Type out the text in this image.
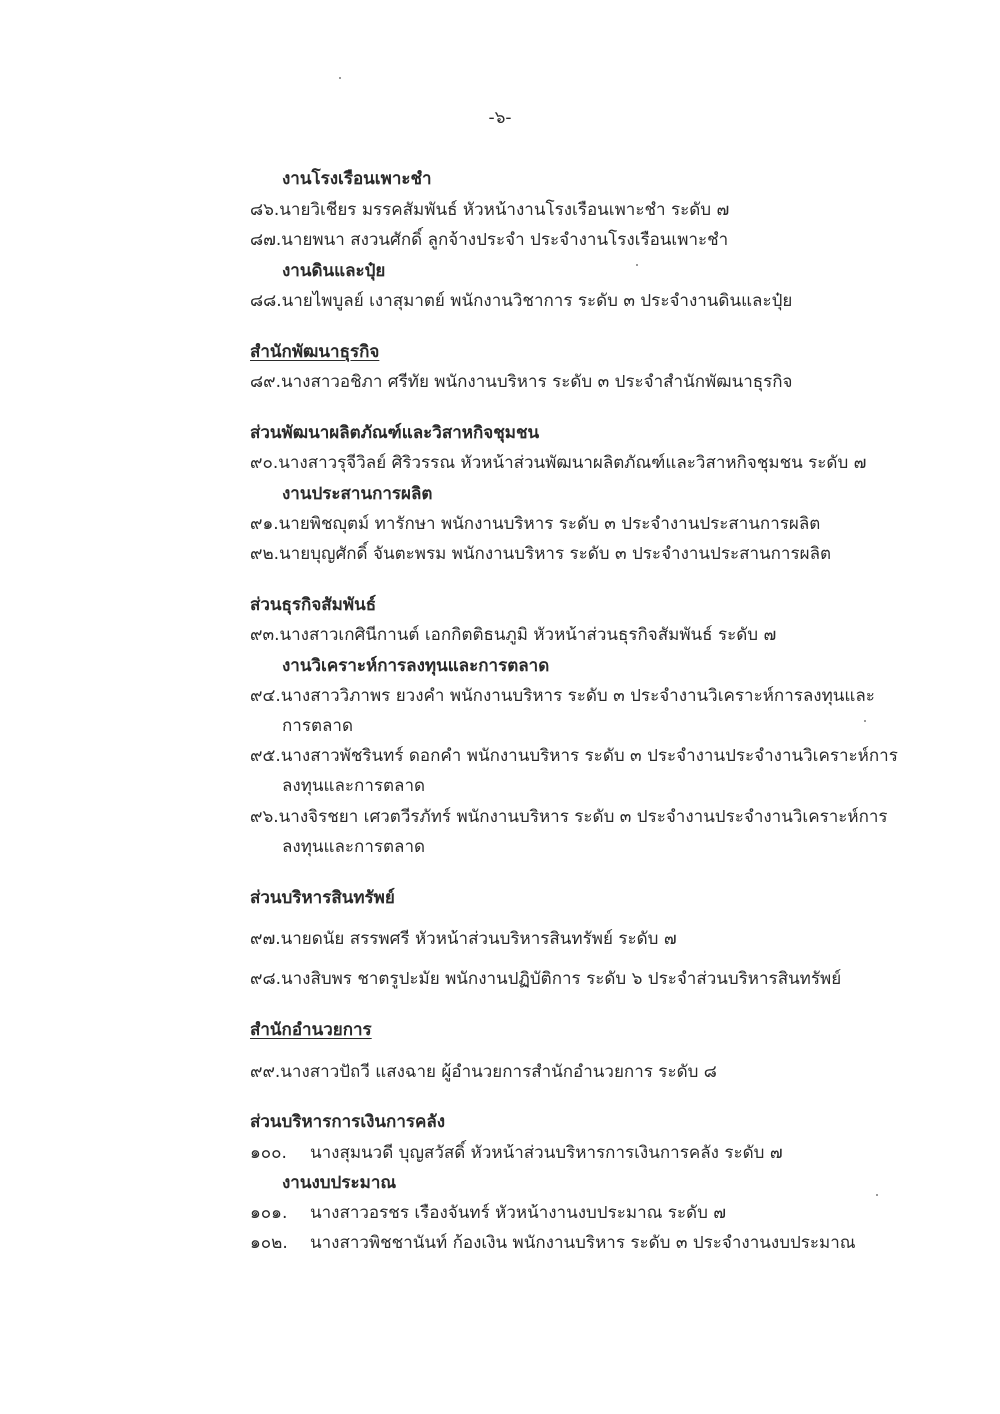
-๖-
งานโรงเรือนเพาะชำ
๘๖.นายวิเชียร มรรคสัมพันธ์ หัวหน้างานโรงเรือนเพาะชำ ระดับ ๗
๘๗.นายพนา สงวนศักดิ์ ลูกจ้างประจำ ประจำงานโรงเรือนเพาะชำ
งานดินและปุ๋ย
๘๘.นายไพบูลย์ เงาสุมาตย์ พนักงานวิชาการ ระดับ ๓ ประจำงานดินและปุ๋ย
สำนักพัฒนาธุรกิจ
๘๙.นางสาวอชิภา ศรีทัย พนักงานบริหาร ระดับ ๓ ประจำสำนักพัฒนาธุรกิจ
ส่วนพัฒนาผลิตภัณฑ์และวิสาหกิจชุมชน
๙๐.นางสาวรุจีวิลย์ ศิริวรรณ หัวหน้าส่วนพัฒนาผลิตภัณฑ์และวิสาหกิจชุมชน ระดับ ๗
งานประสานการผลิต
๙๑.นายพิชญุตม์ ทารักษา พนักงานบริหาร ระดับ ๓ ประจำงานประสานการผลิต
๙๒.นายบุญศักดิ์ จันตะพรม พนักงานบริหาร ระดับ ๓ ประจำงานประสานการผลิต
ส่วนธุรกิจสัมพันธ์
๙๓.นางสาวเกศินีกานต์ เอกกิตติธนภูมิ หัวหน้าส่วนธุรกิจสัมพันธ์ ระดับ ๗
งานวิเคราะห์การลงทุนและการตลาด
๙๔.นางสาววิภาพร ยวงคำ พนักงานบริหาร ระดับ ๓ ประจำงานวิเคราะห์การลงทุนและ
การตลาด
๙๕.นางสาวพัชรินทร์ ดอกคำ พนักงานบริหาร ระดับ ๓ ประจำงานประจำงานวิเคราะห์การ
ลงทุนและการตลาด
๙๖.นางจิรชยา เศวตวีรภัทร์ พนักงานบริหาร ระดับ ๓ ประจำงานประจำงานวิเคราะห์การ
ลงทุนและการตลาด
ส่วนบริหารสินทรัพย์
๙๗.นายดนัย สรรพศรี หัวหน้าส่วนบริหารสินทรัพย์ ระดับ ๗
๙๘.นางสิบพร ชาตรูปะมัย พนักงานปฏิบัติการ ระดับ ๖ ประจำส่วนบริหารสินทรัพย์
สำนักอำนวยการ
๙๙.นางสาวปัถวี แสงฉาย ผู้อำนวยการสำนักอำนวยการ ระดับ ๘
ส่วนบริหารการเงินการคลัง
๑๐๐. นางสุมนวดี บุญสวัสดิ์ หัวหน้าส่วนบริหารการเงินการคลัง ระดับ ๗
งานงบประมาณ
๑๐๑. นางสาวอรชร เรืองจันทร์ หัวหน้างานงบประมาณ ระดับ ๗
๑๐๒. นางสาวพิชชานันท์ ก้องเงิน พนักงานบริหาร ระดับ ๓ ประจำงานงบประมาณ
